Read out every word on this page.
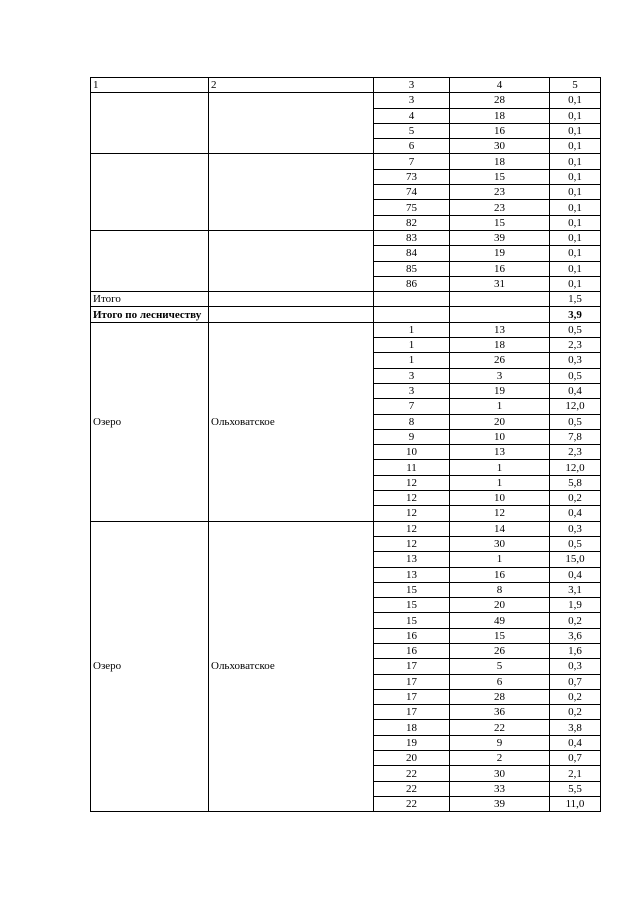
1	2	3	4	5
		3	28	0,1
		4	18	0,1
		5	16	0,1
		6	30	0,1
		7	18	0,1
		73	15	0,1
		74	23	0,1
		75	23	0,1
		82	15	0,1
		83	39	0,1
		84	19	0,1
		85	16	0,1
		86	31	0,1
Итого				1,5
Итого по лесничеству				3,9
Озеро	Ольховатское	1	13	0,5
		1	18	2,3
		1	26	0,3
		3	3	0,5
		3	19	0,4
		7	1	12,0
		8	20	0,5
		9	10	7,8
		10	13	2,3
		11	1	12,0
		12	1	5,8
		12	10	0,2
		12	12	0,4
Озеро	Ольховатское	12	14	0,3
		12	30	0,5
		13	1	15,0
		13	16	0,4
		15	8	3,1
		15	20	1,9
		15	49	0,2
		16	15	3,6
		16	26	1,6
		17	5	0,3
		17	6	0,7
		17	28	0,2
		17	36	0,2
		18	22	3,8
		19	9	0,4
		20	2	0,7
		22	30	2,1
		22	33	5,5
		22	39	11,0
